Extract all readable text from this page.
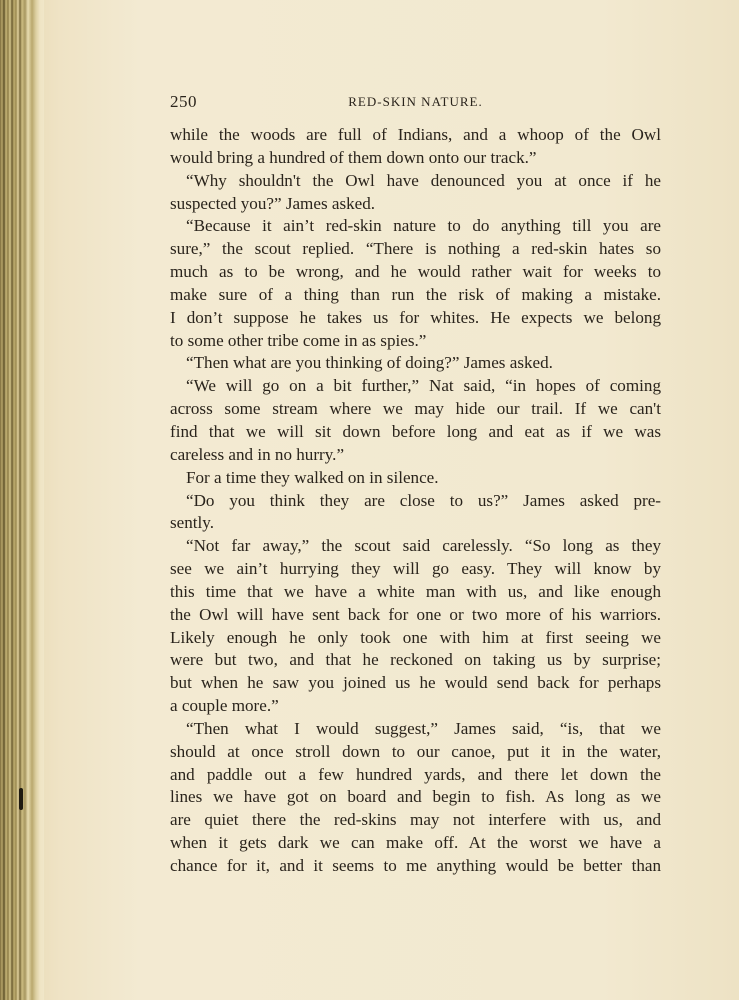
250	RED-SKIN NATURE.
while the woods are full of Indians, and a whoop of the Owl
would bring a hundred of them down onto our track.”
“Why shouldn't the Owl have denounced you at once if he
suspected you?” James asked.
“Because it ain’t red-skin nature to do anything till you are
sure,” the scout replied. “There is nothing a red-skin hates so
much as to be wrong, and he would rather wait for weeks to
make sure of a thing than run the risk of making a mistake.
I don’t suppose he takes us for whites. He expects we belong
to some other tribe come in as spies.”
“Then what are you thinking of doing?” James asked.
“We will go on a bit further,” Nat said, “in hopes of coming
across some stream where we may hide our trail. If we can't
find that we will sit down before long and eat as if we was
careless and in no hurry.”
For a time they walked on in silence.
“Do you think they are close to us?” James asked pre-
sently.
“Not far away,” the scout said carelessly. “So long as they
see we ain’t hurrying they will go easy. They will know by
this time that we have a white man with us, and like enough
the Owl will have sent back for one or two more of his warriors.
Likely enough he only took one with him at first seeing we
were but two, and that he reckoned on taking us by surprise;
but when he saw you joined us he would send back for perhaps
a couple more.”
“Then what I would suggest,” James said, “is, that we
should at once stroll down to our canoe, put it in the water,
and paddle out a few hundred yards, and there let down the
lines we have got on board and begin to fish. As long as we
are quiet there the red-skins may not interfere with us, and
when it gets dark we can make off. At the worst we have a
chance for it, and it seems to me anything would be better than
